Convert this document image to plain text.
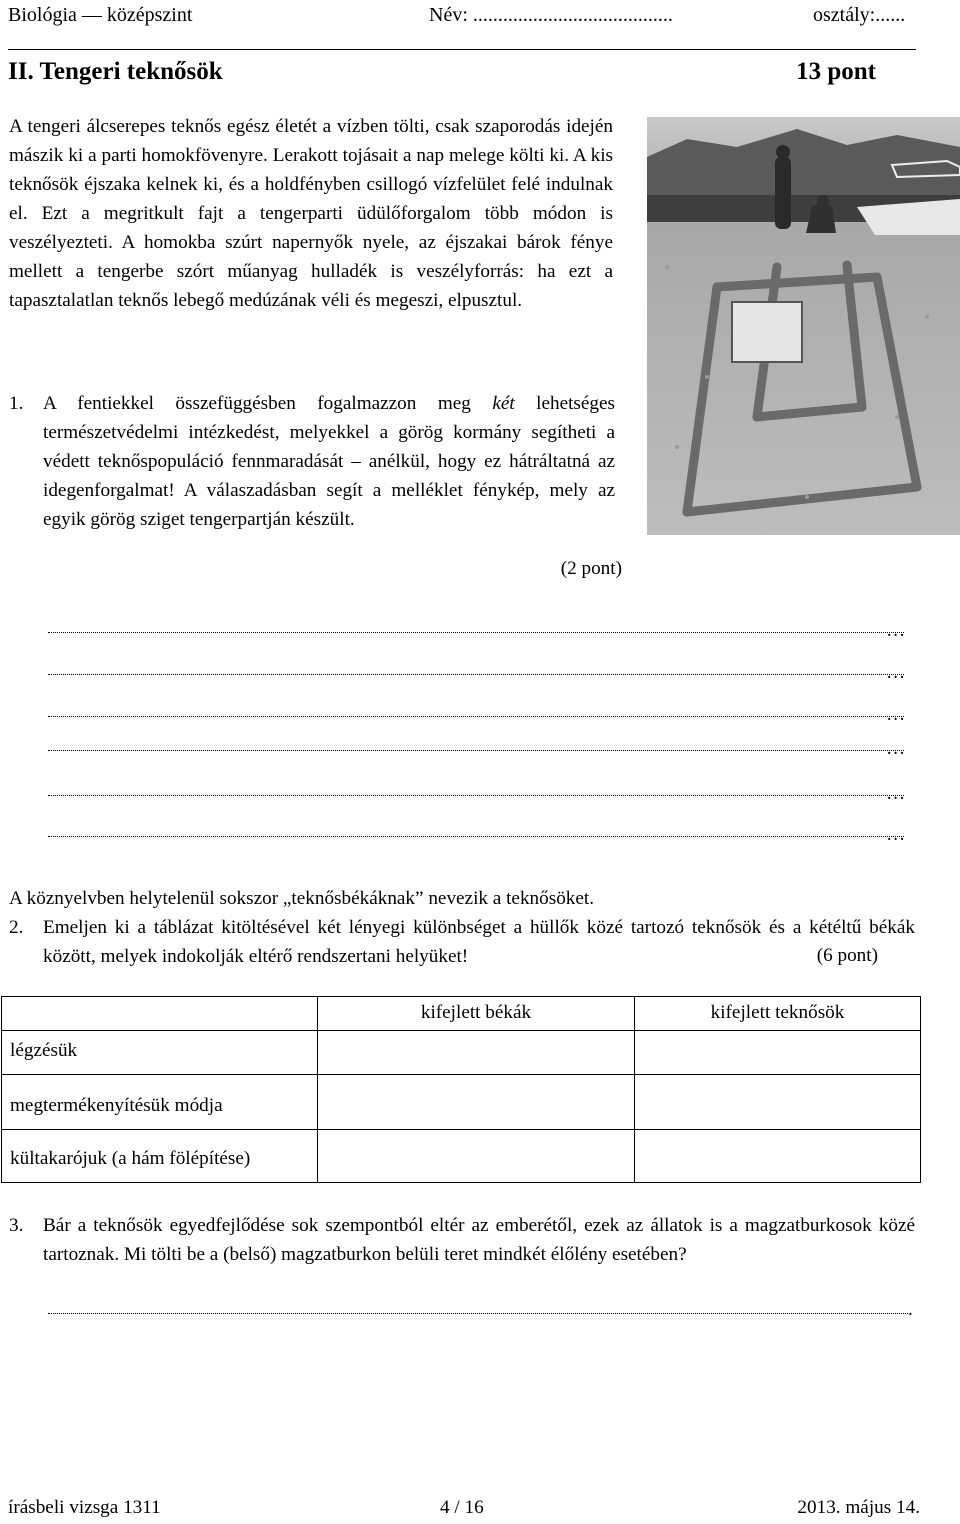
Biológia — középszint	Név: ........................................	osztály:......
II. Tengeri teknősök	13 pont
A tengeri álcserepes teknős egész életét a vízben tölti, csak szaporodás idején mászik ki a parti homokfövenyre. Lerakott tojásait a nap melege költi ki. A kis teknősök éjszaka kelnek ki, és a holdfényben csillogó vízfelület felé indulnak el. Ezt a megritkult fajt a tengerparti üdülőforgalom több módon is veszélyezteti. A homokba szúrt napernyők nyele, az éjszakai bárok fénye mellett a tengerbe szórt műanyag hulladék is veszélyforrás: ha ezt a tapasztalatlan teknős lebegő medúzának véli és megeszi, elpusztul.
1. A fentiekkel összefüggésben fogalmazzon meg két lehetséges természetvédelmi intézkedést, melyekkel a görög kormány segítheti a védett teknőspopuláció fennmaradását – anélkül, hogy ez hátráltatná az idegenforgalmat! A válaszadásban segít a melléklet fénykép, mely az egyik görög sziget tengerpartján készült.
(2 pont)
…
…
…
…
…
…
A köznyelvben helytelenül sokszor „teknősbékáknak” nevezik a teknősöket.
2. Emeljen ki a táblázat kitöltésével két lényegi különbséget a hüllők közé tartozó teknősök és a kétéltű békák között, melyek indokolják eltérő rendszertani helyüket!	(6 pont)
	kifejlett békák	kifejlett teknősök
légzésük		
megtermékenyítésük módja		
kültakarójuk (a hám fölépítése)		
3. Bár a teknősök egyedfejlődése sok szempontból eltér az emberétől, ezek az állatok is a magzatburkosok közé tartoznak. Mi tölti be a (belső) magzatburkon belüli teret mindkét élőlény esetében?
.
írásbeli vizsga 1311	4 / 16	2013. május 14.
